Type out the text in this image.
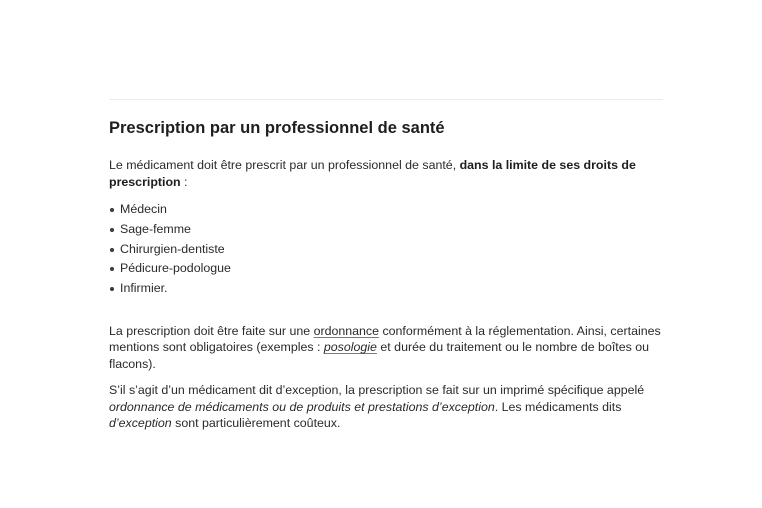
Prescription par un professionnel de santé

Le médicament doit être prescrit par un professionnel de santé, dans la limite de ses droits de prescription :

Médecin
Sage-femme
Chirurgien-dentiste
Pédicure-podologue
Infirmier.

La prescription doit être faite sur une ordonnance conformément à la réglementation. Ainsi, certaines mentions sont obligatoires (exemples : posologie et durée du traitement ou le nombre de boîtes ou flacons).

S’il s’agit d’un médicament dit d’exception, la prescription se fait sur un imprimé spécifique appelé ordonnance de médicaments ou de produits et prestations d’exception. Les médicaments dits d’exception sont particulièrement coûteux.
